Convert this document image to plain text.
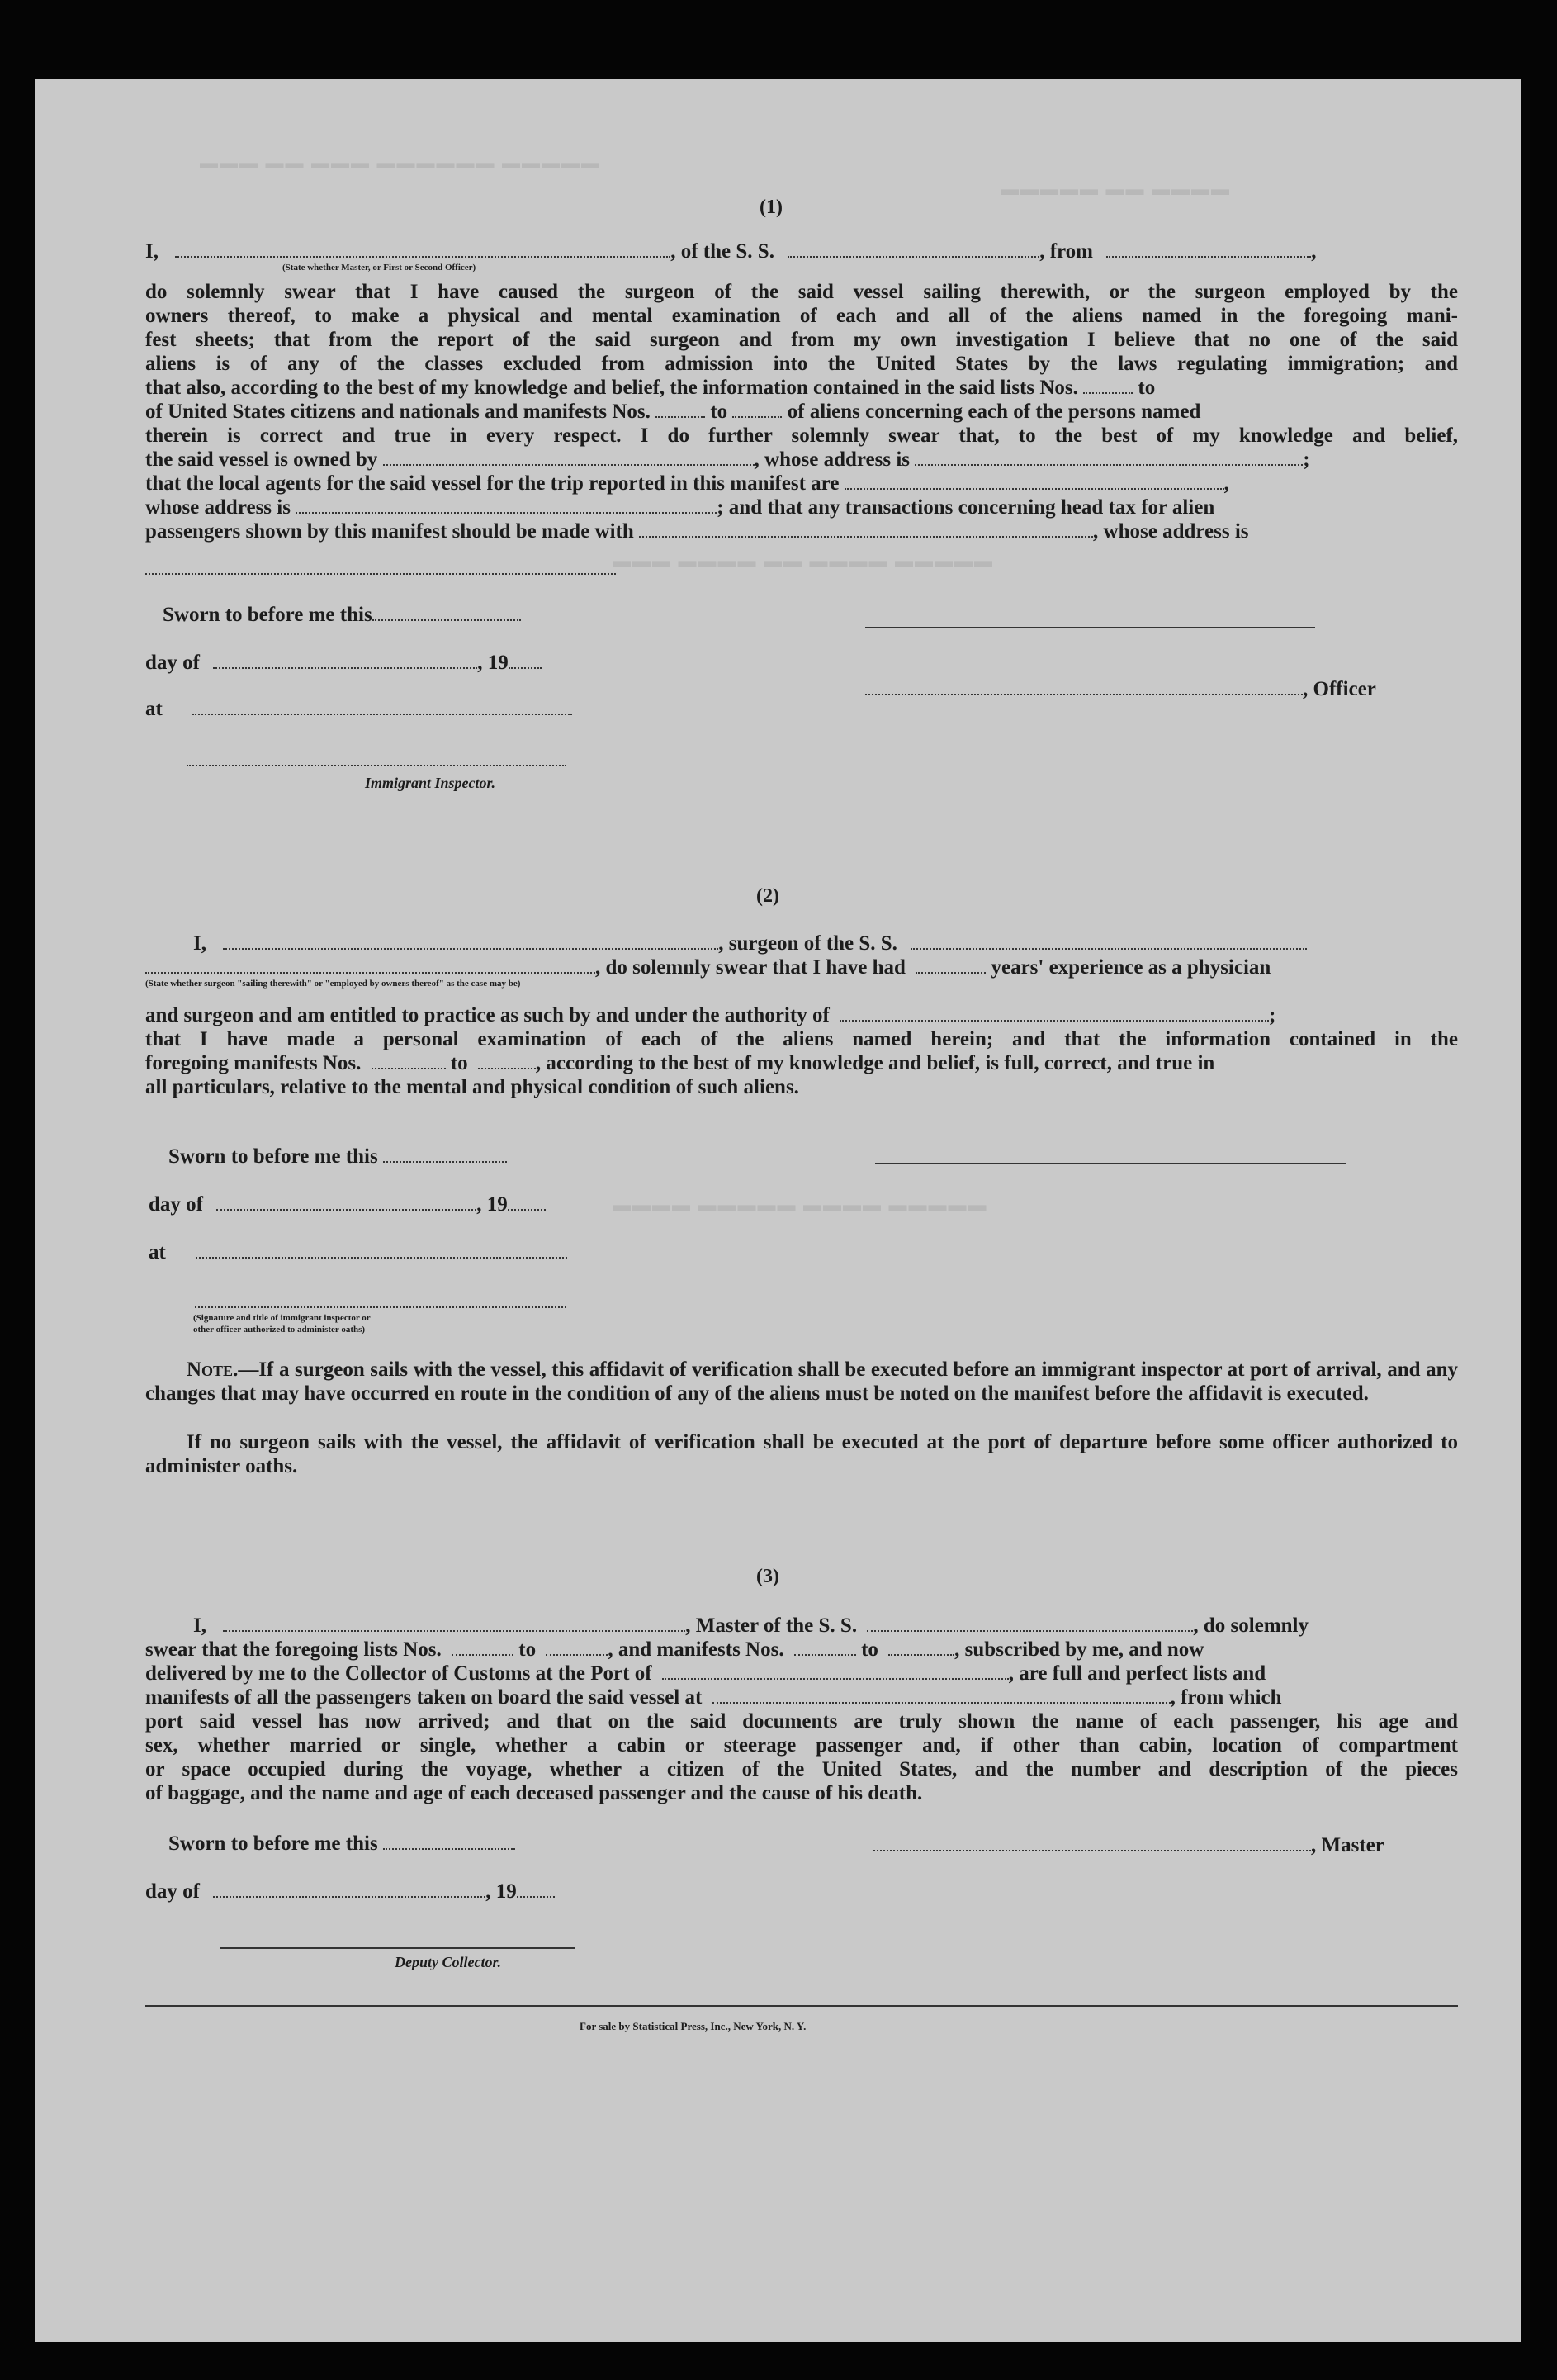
▬▬▬ ▬▬ ▬▬▬ ▬▬▬▬▬▬ ▬▬▬▬▬
▬▬▬▬▬ ▬▬ ▬▬▬▬
▬▬▬ ▬▬▬▬ ▬▬ ▬▬▬▬ ▬▬▬▬▬
▬▬▬▬ ▬▬▬▬▬ ▬▬▬▬ ▬▬▬▬▬
(1)
I,	, of the S. S.	, from	,
(State whether Master, or First or Second Officer)
do solemnly swear that I have caused the surgeon of the said vessel sailing therewith, or the surgeon employed by the
owners thereof, to make a physical and mental examination of each and all of the aliens named in the foregoing mani-
fest sheets; that from the report of the said surgeon and from my own investigation I believe that no one of the said
aliens is of any of the classes excluded from admission into the United States by the laws regulating immigration; and
that also, according to the best of my knowledge and belief, the information contained in the said lists Nos.	to
of United States citizens and nationals and manifests Nos.	to	of aliens concerning each of the persons named
therein is correct and true in every respect. I do further solemnly swear that, to the best of my knowledge and belief,
the said vessel is owned by	, whose address is	;
that the local agents for the said vessel for the trip reported in this manifest are	,
whose address is	; and that any transactions concerning head tax for alien
passengers shown by this manifest should be made with	, whose address is
Sworn to before me this
day of	, 19
, Officer
at
Immigrant Inspector.
(2)
I,	, surgeon of the S. S.
, do solemnly swear that I have had	years' experience as a physician
(State whether surgeon "sailing therewith" or "employed by owners thereof" as the case may be)
and surgeon and am entitled to practice as such by and under the authority of	;
that I have made a personal examination of each of the aliens named herein; and that the information contained in the
foregoing manifests Nos.	to	, according to the best of my knowledge and belief, is full, correct, and true in
all particulars, relative to the mental and physical condition of such aliens.
Sworn to before me this
day of	, 19
at
(Signature and title of immigrant inspector or
other officer authorized to administer oaths)
Note.—If a surgeon sails with the vessel, this affidavit of verification shall be executed before an immigrant inspector at port of arrival, and any changes that may have occurred en route in the condition of any of the aliens must be noted on the manifest before the affidavit is executed.
If no surgeon sails with the vessel, the affidavit of verification shall be executed at the port of departure before some officer authorized to administer oaths.
(3)
I,	, Master of the S. S.	, do solemnly
swear that the foregoing lists Nos.	to	, and manifests Nos.	to	, subscribed by me, and now
delivered by me to the Collector of Customs at the Port of	, are full and perfect lists and
manifests of all the passengers taken on board the said vessel at	, from which
port said vessel has now arrived; and that on the said documents are truly shown the name of each passenger, his age and
sex, whether married or single, whether a cabin or steerage passenger and, if other than cabin, location of compartment
or space occupied during the voyage, whether a citizen of the United States, and the number and description of the pieces
of baggage, and the name and age of each deceased passenger and the cause of his death.
Sworn to before me this	, Master
day of	, 19
Deputy Collector.
For sale by Statistical Press, Inc., New York, N. Y.
